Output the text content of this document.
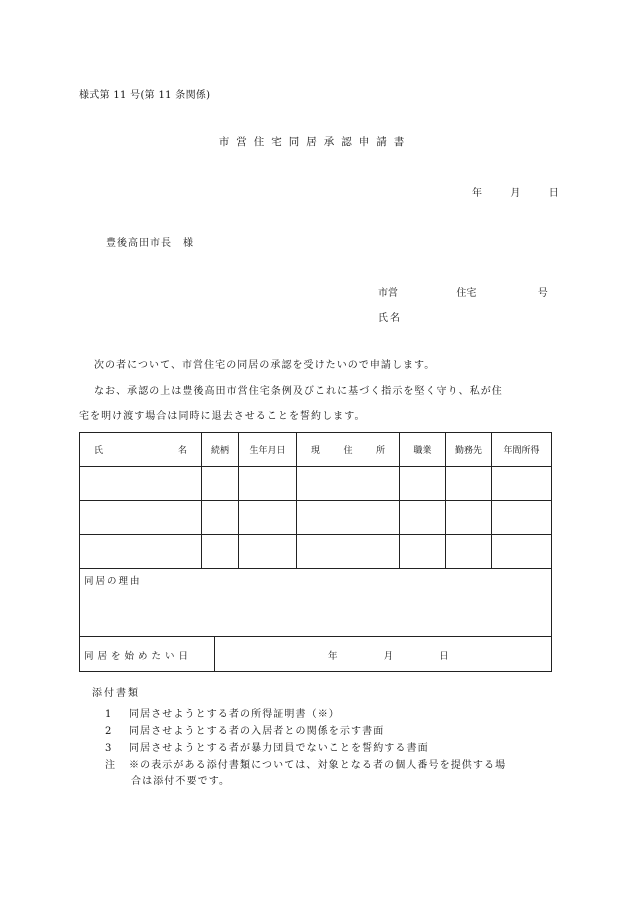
様式第 11 号(第 11 条関係)
市営住宅同居承認申請書
年	月	日
豊後高田市長　様
市営	住宅	号
氏名
次の者について、市営住宅の同居の承認を受けたいので申請します。
なお、承認の上は豊後高田市営住宅条例及びこれに基づく指示を堅く守り、私が住
宅を明け渡す場合は同時に退去させることを誓約します。
氏 名	続柄	生年月日	現 住 所	職業	勤務先	年間所得

同居の理由
同居を始めたい日	年	月	日
添付書類
1 同居させようとする者の所得証明書（※）
2 同居させようとする者の入居者との関係を示す書面
3 同居させようとする者が暴力団員でないことを誓約する書面
注 ※の表示がある添付書類については、対象となる者の個人番号を提供する場
合は添付不要です。
